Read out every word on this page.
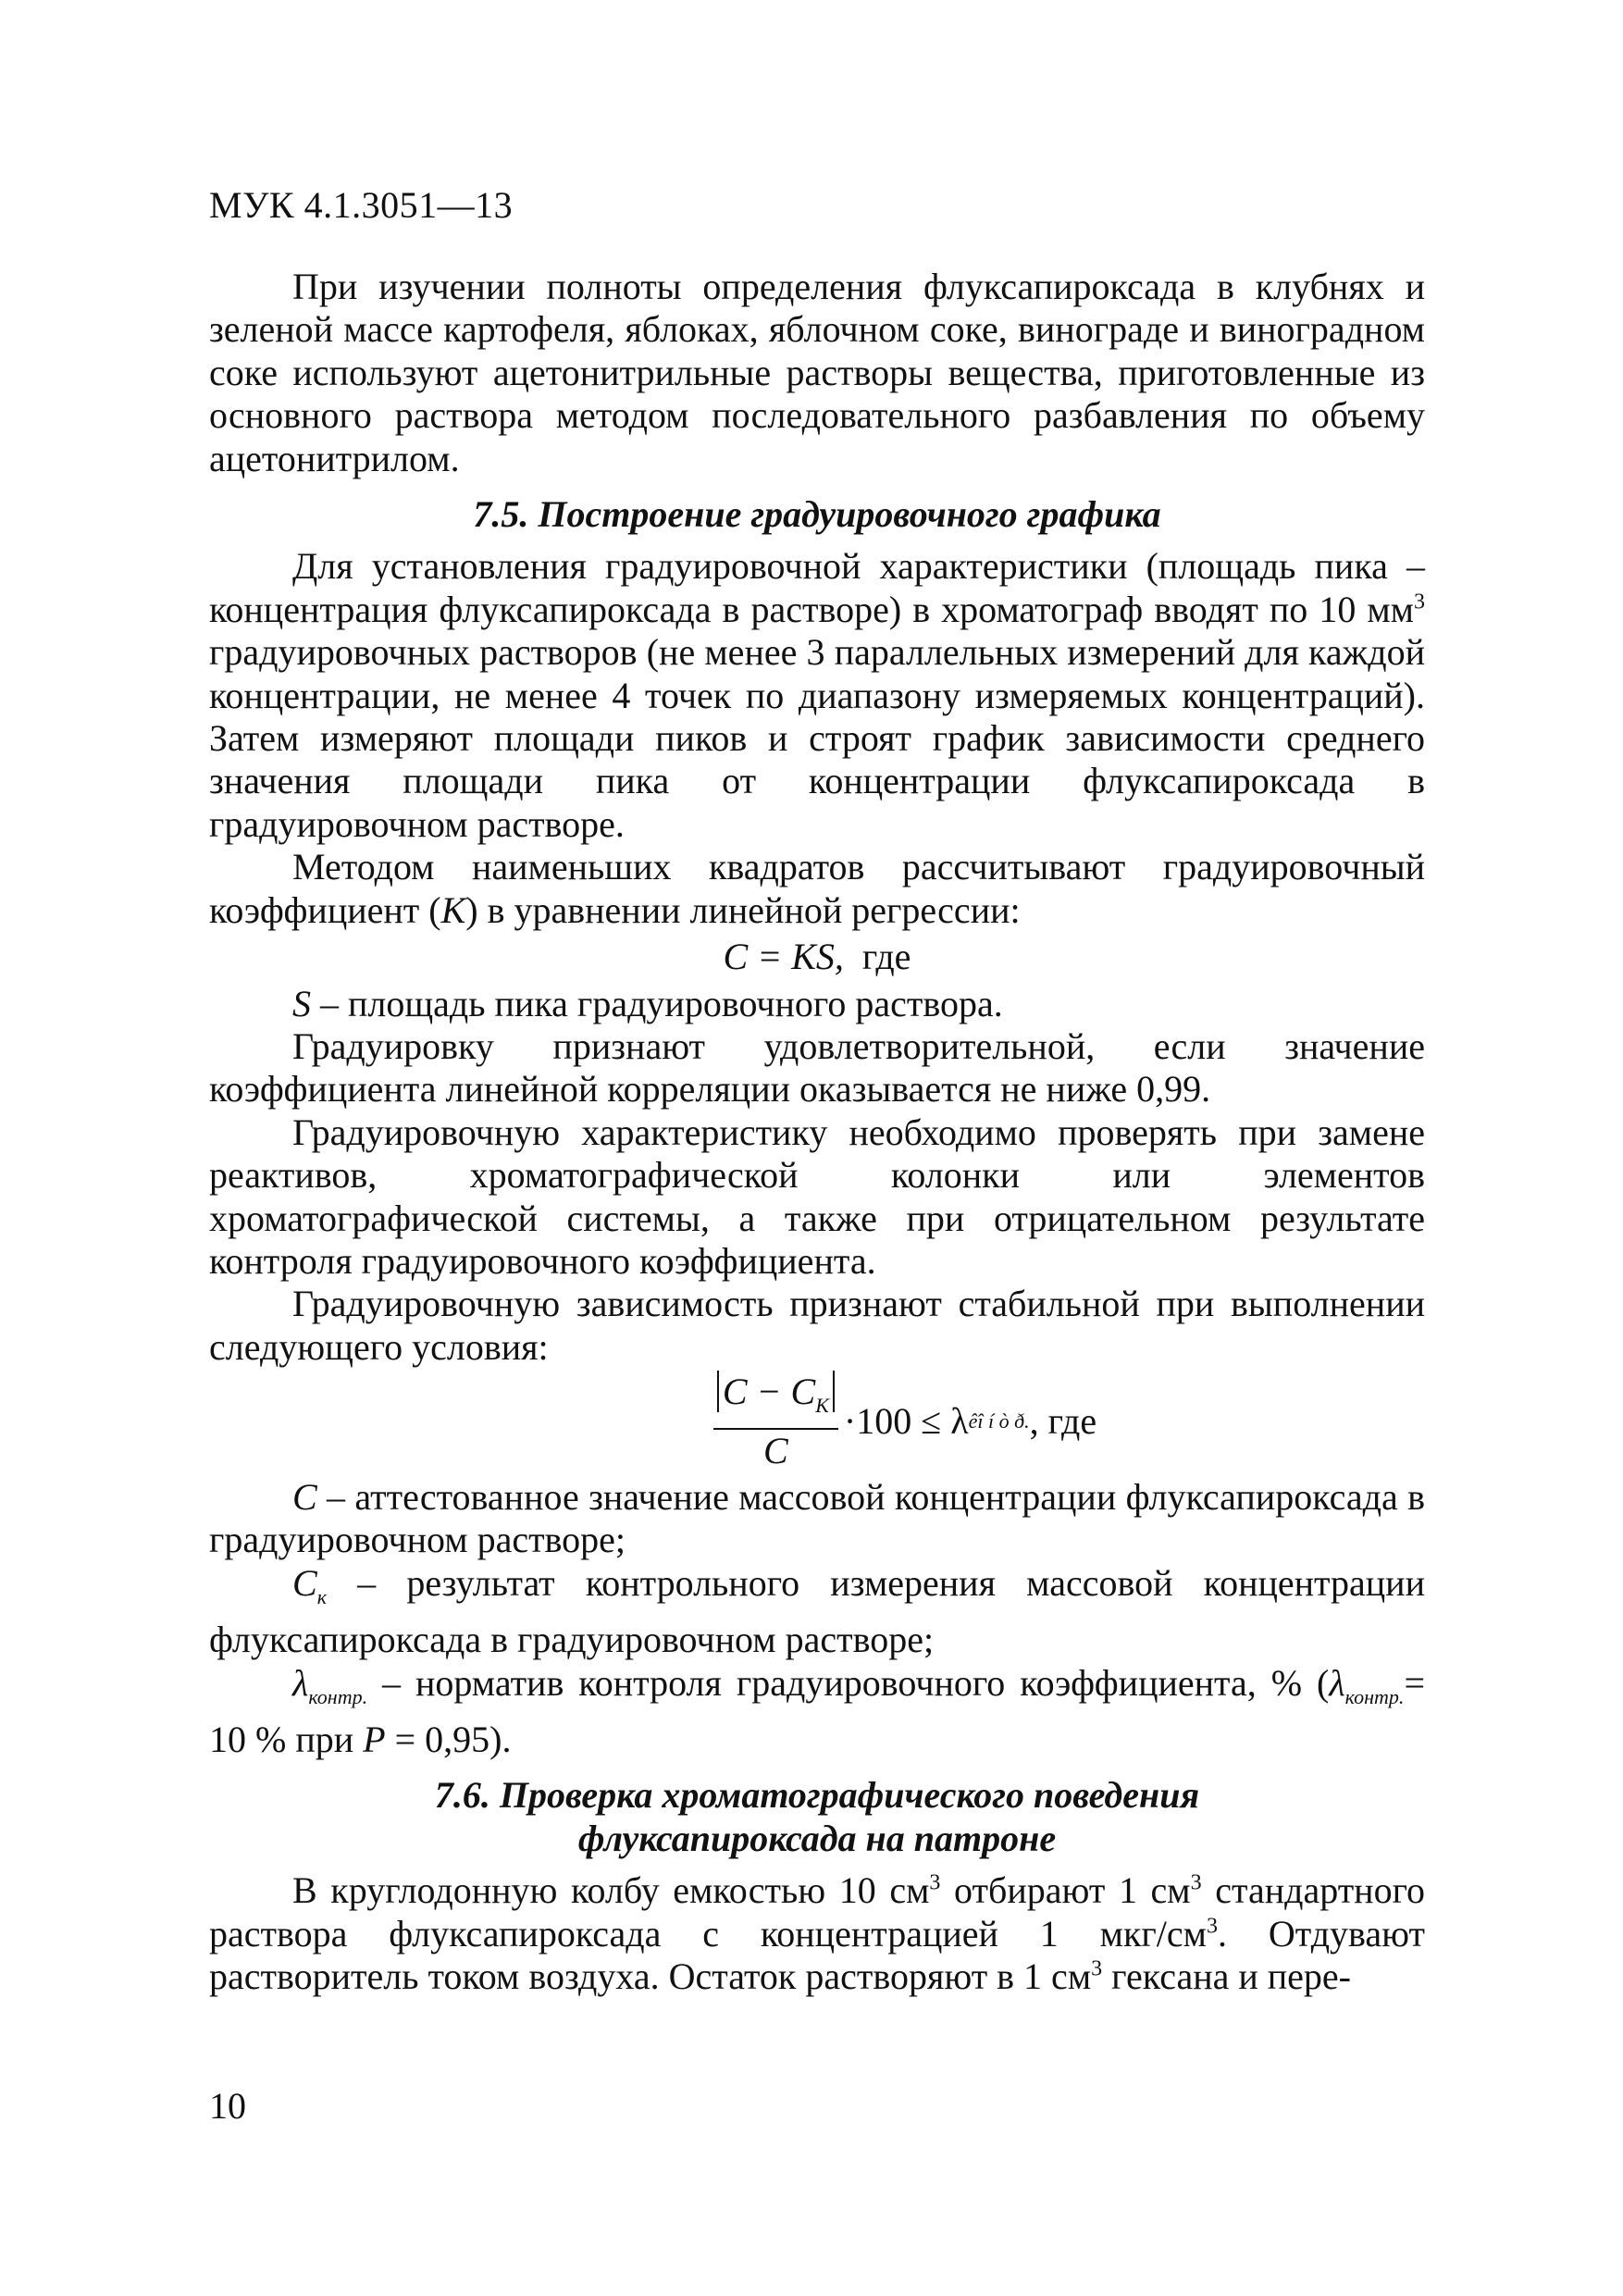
МУК 4.1.3051—13

При изучении полноты определения флуксапироксада в клубнях и зеленой массе картофеля, яблоках, яблочном соке, винограде и виноградном соке используют ацетонитрильные растворы вещества, приготовленные из основного раствора методом последовательного разбавления по объему ацетонитрилом.

7.5. Построение градуировочного графика

Для установления градуировочной характеристики (площадь пика – концентрация флуксапироксада в растворе) в хроматограф вводят по 10 $мм^3$ градуировочных растворов (не менее 3 параллельных измерений для каждой концентрации, не менее 4 точек по диапазону измеряемых концентраций). Затем измеряют площади пиков и строят график зависимости среднего значения площади пика от концентрации флуксапироксада в градуировочном растворе.

Методом наименьших квадратов рассчитывают градуировочный коэффициент (K) в уравнении линейной регрессии:

C = KS, где

S – площадь пика градуировочного раствора.

Градуировку признают удовлетворительной, если значение коэффициента линейной корреляции оказывается не ниже 0,99.

Градуировочную характеристику необходимо проверять при замене реактивов, хроматографической колонки или элементов хроматографической системы, а также при отрицательном результате контроля градуировочного коэффициента.

Градуировочную зависимость признают стабильной при выполнении следующего условия:

$\frac{C - C_K}{C} \cdot 100 \le \lambda$ êî í ò ð. ,
где

C – аттестованное значение массовой концентрации флуксапироксада в градуировочном растворе;

$C_к$ – результат контрольного измерения массовой концентрации флуксапироксада в градуировочном растворе;

$\lambda_{контр.}$ – норматив контроля градуировочного коэффициента, % ($\lambda_{контр.}= 10$ % при P = 0,95).

7.6. Проверка хроматографического поведения
флуксапироксада на патроне

В круглодонную колбу емкостью 10 $см^3$ отбирают 1 $см^3$ стандартного раствора флуксапироксада с концентрацией 1 мкг/$см^3$. Отдувают растворитель током воздуха. Остаток растворяют в 1 $см^3$ гексана и пере-

10
